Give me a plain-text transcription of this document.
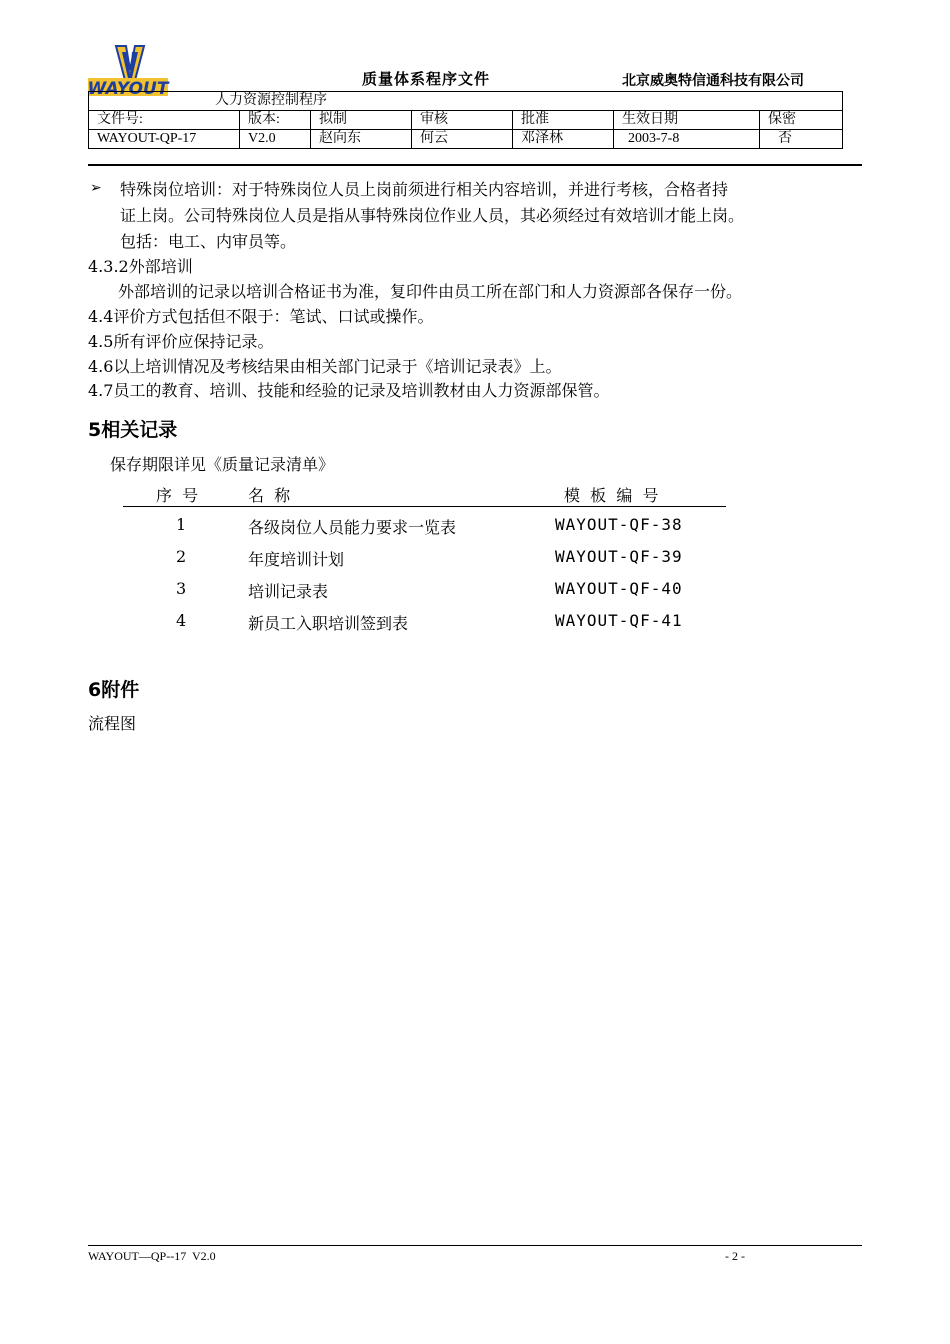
WAYOUT	质量体系程序文件	北京威奥特信通科技有限公司
人力资源控制程序						
文件号:	版本:	拟制	审核	批准	生效日期	保密
WAYOUT-QP-17	V2.0	赵向东	何云	邓泽林	2003-7-8	否
➢ 特殊岗位培训：对于特殊岗位人员上岗前须进行相关内容培训，并进行考核，合格者持
证上岗。公司特殊岗位人员是指从事特殊岗位作业人员，其必须经过有效培训才能上岗。
包括：电工、内审员等。
4.3.2外部培训
外部培训的记录以培训合格证书为准，复印件由员工所在部门和人力资源部各保存一份。
4.4评价方式包括但不限于：笔试、口试或操作。
4.5所有评价应保持记录。
4.6以上培训情况及考核结果由相关部门记录于《培训记录表》上。
4.7员工的教育、培训、技能和经验的记录及培训教材由人力资源部保管。
5相关记录
保存期限详见《质量记录清单》
序  号	名  称	模  板  编  号
1	各级岗位人员能力要求一览表	WAYOUT-QF-38
2	年度培训计划	WAYOUT-QF-39
3	培训记录表	WAYOUT-QF-40
4	新员工入职培训签到表	WAYOUT-QF-41
6附件
流程图
WAYOUT—QP--17  V2.0	- 2 -
